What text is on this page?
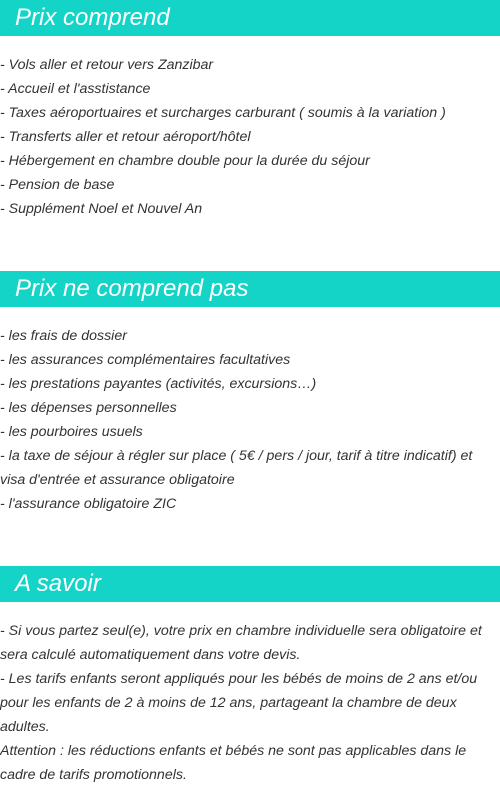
Prix comprend
- Vols aller et retour vers Zanzibar
- Accueil et l'asstistance
- Taxes aéroportuaires et surcharges carburant ( soumis à la variation )
- Transferts aller et retour aéroport/hôtel
- Hébergement en chambre double pour la durée du séjour
- Pension de base
- Supplément Noel et Nouvel An
Prix ne comprend pas
- les frais de dossier
- les assurances complémentaires facultatives
- les prestations payantes (activités, excursions…)
- les dépenses personnelles
- les pourboires usuels
- la taxe de séjour à régler sur place ( 5€ / pers / jour, tarif à titre indicatif) et visa d'entrée et assurance obligatoire
- l'assurance obligatoire ZIC
A savoir

- Si vous partez seul(e), votre prix en chambre individuelle sera obligatoire et sera calculé automatiquement dans votre devis.

- Les tarifs enfants seront appliqués pour les bébés de moins de 2 ans et/ou pour les enfants de 2 à moins de 12 ans, partageant la chambre de deux adultes.

Attention : les réductions enfants et bébés ne sont pas applicables dans le cadre de tarifs promotionnels.
